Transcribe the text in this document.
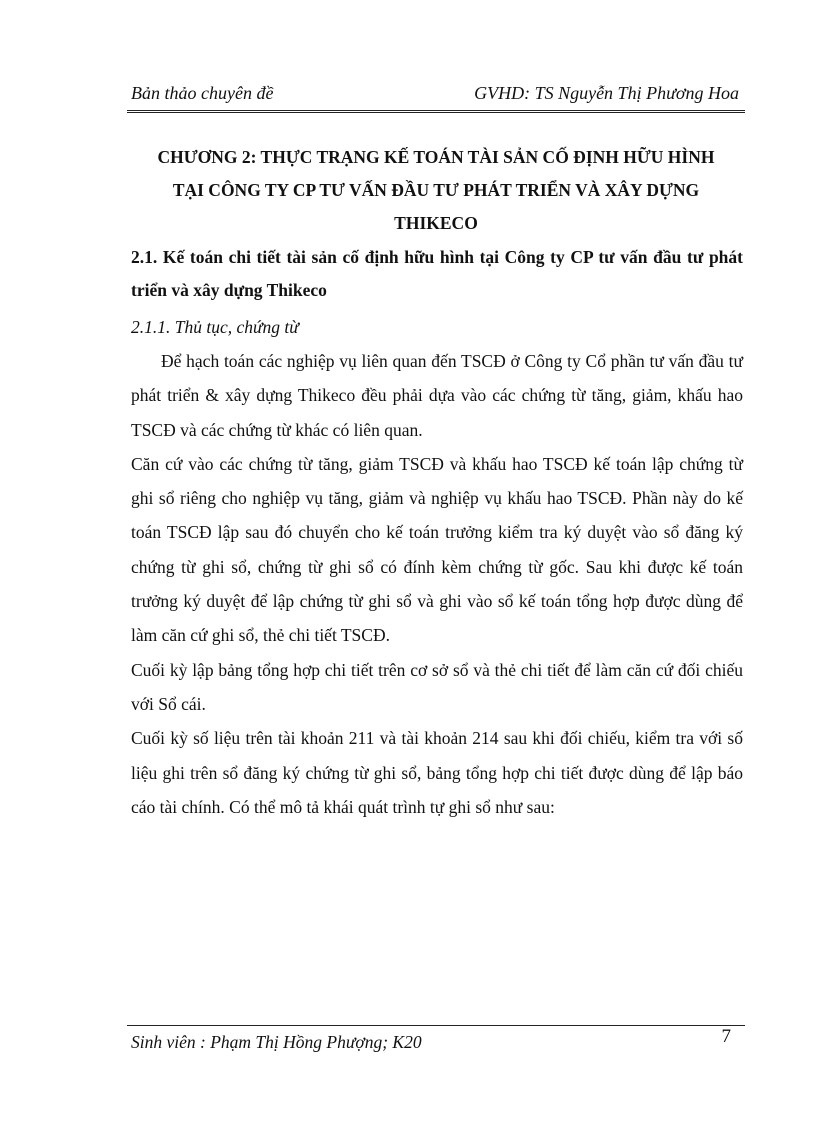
Bản thảo chuyên đề	GVHD: TS Nguyễn Thị Phương Hoa
CHƯƠNG 2: THỰC TRẠNG KẾ TOÁN TÀI SẢN CỐ ĐỊNH HỮU HÌNH
TẠI CÔNG TY CP TƯ VẤN ĐẦU TƯ PHÁT TRIỂN VÀ XÂY DỰNG
THIKECO
2.1. Kế toán chi tiết tài sản cố định hữu hình tại Công ty CP tư vấn đầu tư phát triển và xây dựng Thikeco
2.1.1. Thủ tục, chứng từ

Để hạch toán các nghiệp vụ liên quan đến TSCĐ ở Công ty Cổ phần tư vấn đầu tư phát triển & xây dựng Thikeco đều phải dựa vào các chứng từ tăng, giảm, khấu hao TSCĐ và các chứng từ khác có liên quan.

Căn cứ vào các chứng từ tăng, giảm TSCĐ và khấu hao TSCĐ kế toán lập chứng từ ghi sổ riêng cho nghiệp vụ tăng, giảm và nghiệp vụ khấu hao TSCĐ. Phần này do kế toán TSCĐ lập sau đó chuyển cho kế toán trưởng kiểm tra ký duyệt vào sổ đăng ký chứng từ ghi sổ, chứng từ ghi sổ có đính kèm chứng từ gốc. Sau khi được kế toán trưởng ký duyệt để lập chứng từ ghi sổ và ghi vào sổ kế toán tổng hợp được dùng để làm căn cứ ghi sổ, thẻ chi tiết TSCĐ.

Cuối kỳ lập bảng tổng hợp chi tiết trên cơ sở sổ và thẻ chi tiết để làm căn cứ đối chiếu với Sổ cái.

Cuối kỳ số liệu trên tài khoản 211 và tài khoản 214 sau khi đối chiếu, kiểm tra với số liệu ghi trên sổ đăng ký chứng từ ghi sổ, bảng tổng hợp chi tiết được dùng để lập báo cáo tài chính. Có thể mô tả khái quát trình tự ghi sổ như sau:

Sinh viên : Phạm Thị Hồng Phượng; K20	7
